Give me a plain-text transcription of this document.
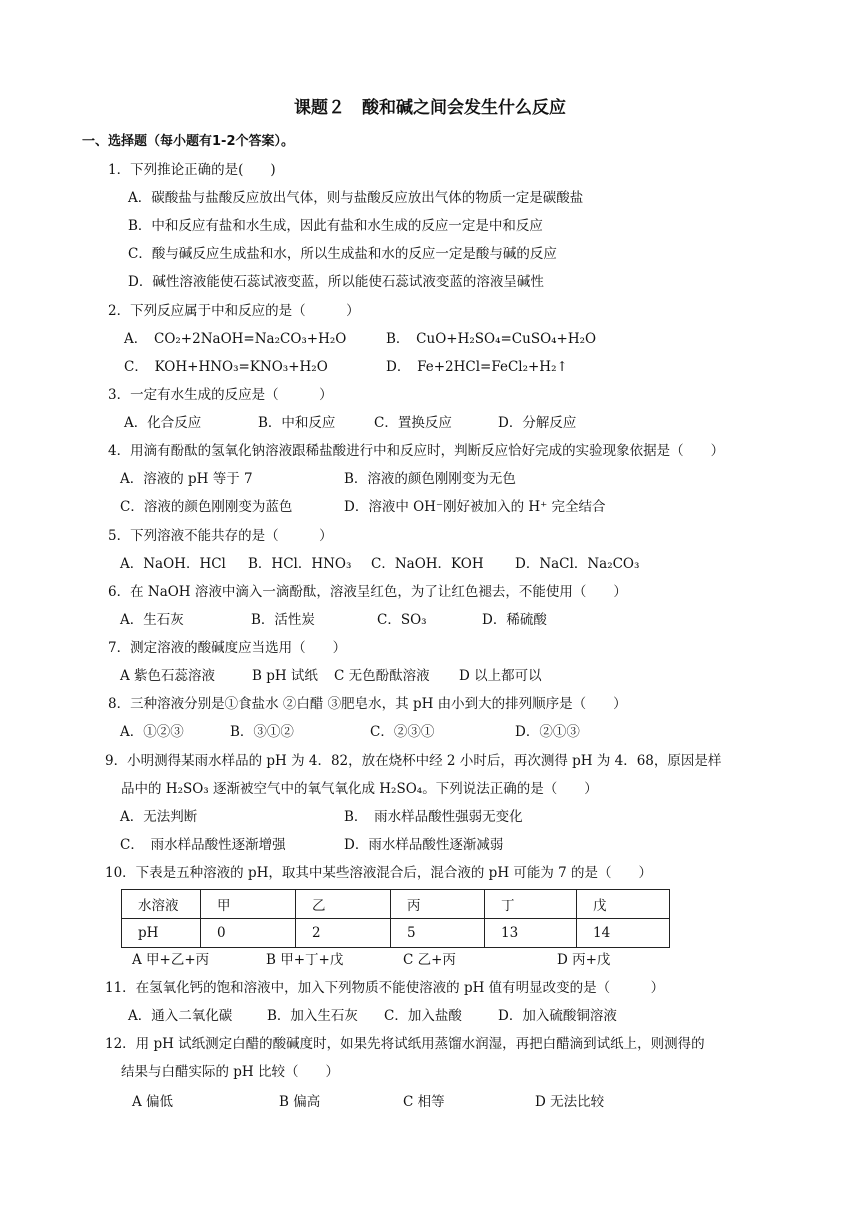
课题２　酸和碱之间会发生什么反应
一、选择题（每小题有1-2个答案）。
1．下列推论正确的是(　　)
A．碳酸盐与盐酸反应放出气体，则与盐酸反应放出气体的物质一定是碳酸盐
B．中和反应有盐和水生成，因此有盐和水生成的反应一定是中和反应
C．酸与碱反应生成盐和水，所以生成盐和水的反应一定是酸与碱的反应
D．碱性溶液能使石蕊试液变蓝，所以能使石蕊试液变蓝的溶液呈碱性
2．下列反应属于中和反应的是（　　　）
A．　CO₂+2NaOH=Na₂CO₃+H₂O	B．　CuO+H₂SO₄=CuSO₄+H₂O
C．　KOH+HNO₃=KNO₃+H₂O	D．　Fe+2HCl=FeCl₂+H₂↑
3．一定有水生成的反应是（　　　）
A．化合反应	B．中和反应	C．置换反应	D．分解反应
4．用滴有酚酞的氢氧化钠溶液跟稀盐酸进行中和反应时，判断反应恰好完成的实验现象依据是（　　）
A．溶液的 pH 等于 7	B．溶液的颜色刚刚变为无色
C．溶液的颜色刚刚变为蓝色	D．溶液中 OH⁻刚好被加入的 H⁺ 完全结合
5．下列溶液不能共存的是（　　　）
A．NaOH．HCl B．HCl．HNO₃ C．NaOH．KOH D．NaCl．Na₂CO₃
6．在 NaOH 溶液中滴入一滴酚酞，溶液呈红色，为了让红色褪去，不能使用（　　）
A．生石灰	B．活性炭	C．SO₃	D．稀硫酸
7．测定溶液的酸碱度应当选用（　　）
A 紫色石蕊溶液	B pH 试纸 C 无色酚酞溶液 D 以上都可以
8．三种溶液分别是①食盐水 ②白醋 ③肥皂水，其 pH 由小到大的排列顺序是（　　）
A．①②③	B．③①②	C．②③①	D．②①③
9．小明测得某雨水样品的 pH 为 4．82，放在烧杯中经 2 小时后，再次测得 pH 为 4．68，原因是样
品中的 H₂SO₃ 逐渐被空气中的氧气氧化成 H₂SO₄。下列说法正确的是（　　）
A．无法判断	B．　雨水样品酸性强弱无变化
C．　雨水样品酸性逐渐增强	D．雨水样品酸性逐渐减弱
10．下表是五种溶液的 pH，取其中某些溶液混合后，混合液的 pH 可能为 7 的是（　　）
水溶液	甲	乙	丙	丁	戊
pH	0	2	5	13	14
A 甲+乙+丙	B 甲+丁+戊	C 乙+丙	D 丙+戊
11．在氢氧化钙的饱和溶液中，加入下列物质不能使溶液的 pH 值有明显改变的是（　　　）
A．通入二氧化碳	B．加入生石灰 C．加入盐酸	D．加入硫酸铜溶液
12．用 pH 试纸测定白醋的酸碱度时，如果先将试纸用蒸馏水润湿，再把白醋滴到试纸上，则测得的
结果与白醋实际的 pH 比较（　　）
A 偏低	B 偏高	C 相等	D 无法比较
